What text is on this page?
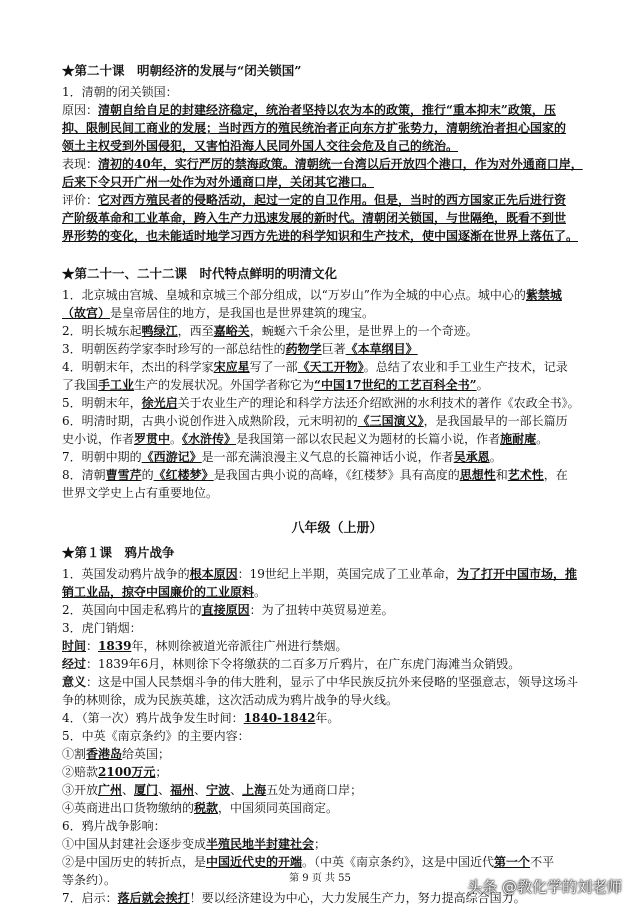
★第二十课　明朝经济的发展与“闭关锁国”
1．清朝的闭关锁国：
原因：清朝自给自足的封建经济稳定，统治者坚持以农为本的政策，推行“重本抑末”政策，压
抑、限制民间工商业的发展；当时西方的殖民统治者正向东方扩张势力，清朝统治者担心国家的
领土主权受到外国侵犯，又害怕沿海人民同外国人交往会危及自己的统治。
表现：清初的40年，实行严厉的禁海政策。清朝统一台湾以后开放四个港口，作为对外通商口岸，
后来下令只开广州一处作为对外通商口岸，关闭其它港口。
评价：它对西方殖民者的侵略活动，起过一定的自卫作用。但是，当时的西方国家正先后进行资
产阶级革命和工业革命，跨入生产力迅速发展的新时代。清朝闭关锁国，与世隔绝，既看不到世
界形势的变化，也未能适时地学习西方先进的科学知识和生产技术，使中国逐渐在世界上落伍了。
★第二十一、二十二课　时代特点鲜明的明清文化
1．北京城由宫城、皇城和京城三个部分组成，以“万岁山”作为全城的中心点。城中心的紫禁城
（故宫）是皇帝居住的地方，是我国也是世界建筑的瑰宝。
2．明长城东起鸭绿江，西至嘉峪关，蜿蜒六千余公里，是世界上的一个奇迹。
3．明朝医药学家李时珍写的一部总结性的药物学巨著《本草纲目》
4．明朝末年，杰出的科学家宋应星写了一部《天工开物》。总结了农业和手工业生产技术，记录
了我国手工业生产的发展状况。外国学者称它为“中国17世纪的工艺百科全书”。
5．明朝末年，徐光启关于农业生产的理论和科学方法还介绍欧洲的水利技术的著作《农政全书》。
6．明清时期，古典小说创作进入成熟阶段，元末明初的《三国演义》，是我国最早的一部长篇历
史小说，作者罗贯中。《水浒传》是我国第一部以农民起义为题材的长篇小说，作者施耐庵。
7．明朝中期的《西游记》是一部充满浪漫主义气息的长篇神话小说，作者吴承恩。
8．清朝曹雪芹的《红楼梦》是我国古典小说的高峰，《红楼梦》具有高度的思想性和艺术性，在
世界文学史上占有重要地位。
八年级（上册）
★第１课　鸦片战争
1．英国发动鸦片战争的根本原因：19世纪上半期，英国完成了工业革命，为了打开中国市场，推
销工业品，掠夺中国廉价的工业原料。
2．英国向中国走私鸦片的直接原因：为了扭转中英贸易逆差。
3．虎门销烟：
时间：1839年，林则徐被道光帝派往广州进行禁烟。
经过：1839年6月，林则徐下令将缴获的二百多万斤鸦片，在广东虎门海滩当众销毁。
意义：这是中国人民禁烟斗争的伟大胜利，显示了中华民族反抗外来侵略的坚强意志，领导这场斗
争的林则徐，成为民族英雄，这次活动成为鸦片战争的导火线。
4．（第一次）鸦片战争发生时间：1840-1842年。
5．中英《南京条约》的主要内容：
①割香港岛给英国；
②赔款2100万元；
③开放广州、厦门、福州、宁波、上海五处为通商口岸；
④英商进出口货物缴纳的税款，中国须同英国商定。
6．鸦片战争影响：
①中国从封建社会逐步变成半殖民地半封建社会；
②是中国历史的转折点，是中国近代史的开端。（中英《南京条约》，这是中国近代第一个不平
等条约）。
7．启示：落后就会挨打！要以经济建设为中心，大力发展生产力，努力提高综合国力。
第 9 页 共 55	头条 @教化学的刘老师
